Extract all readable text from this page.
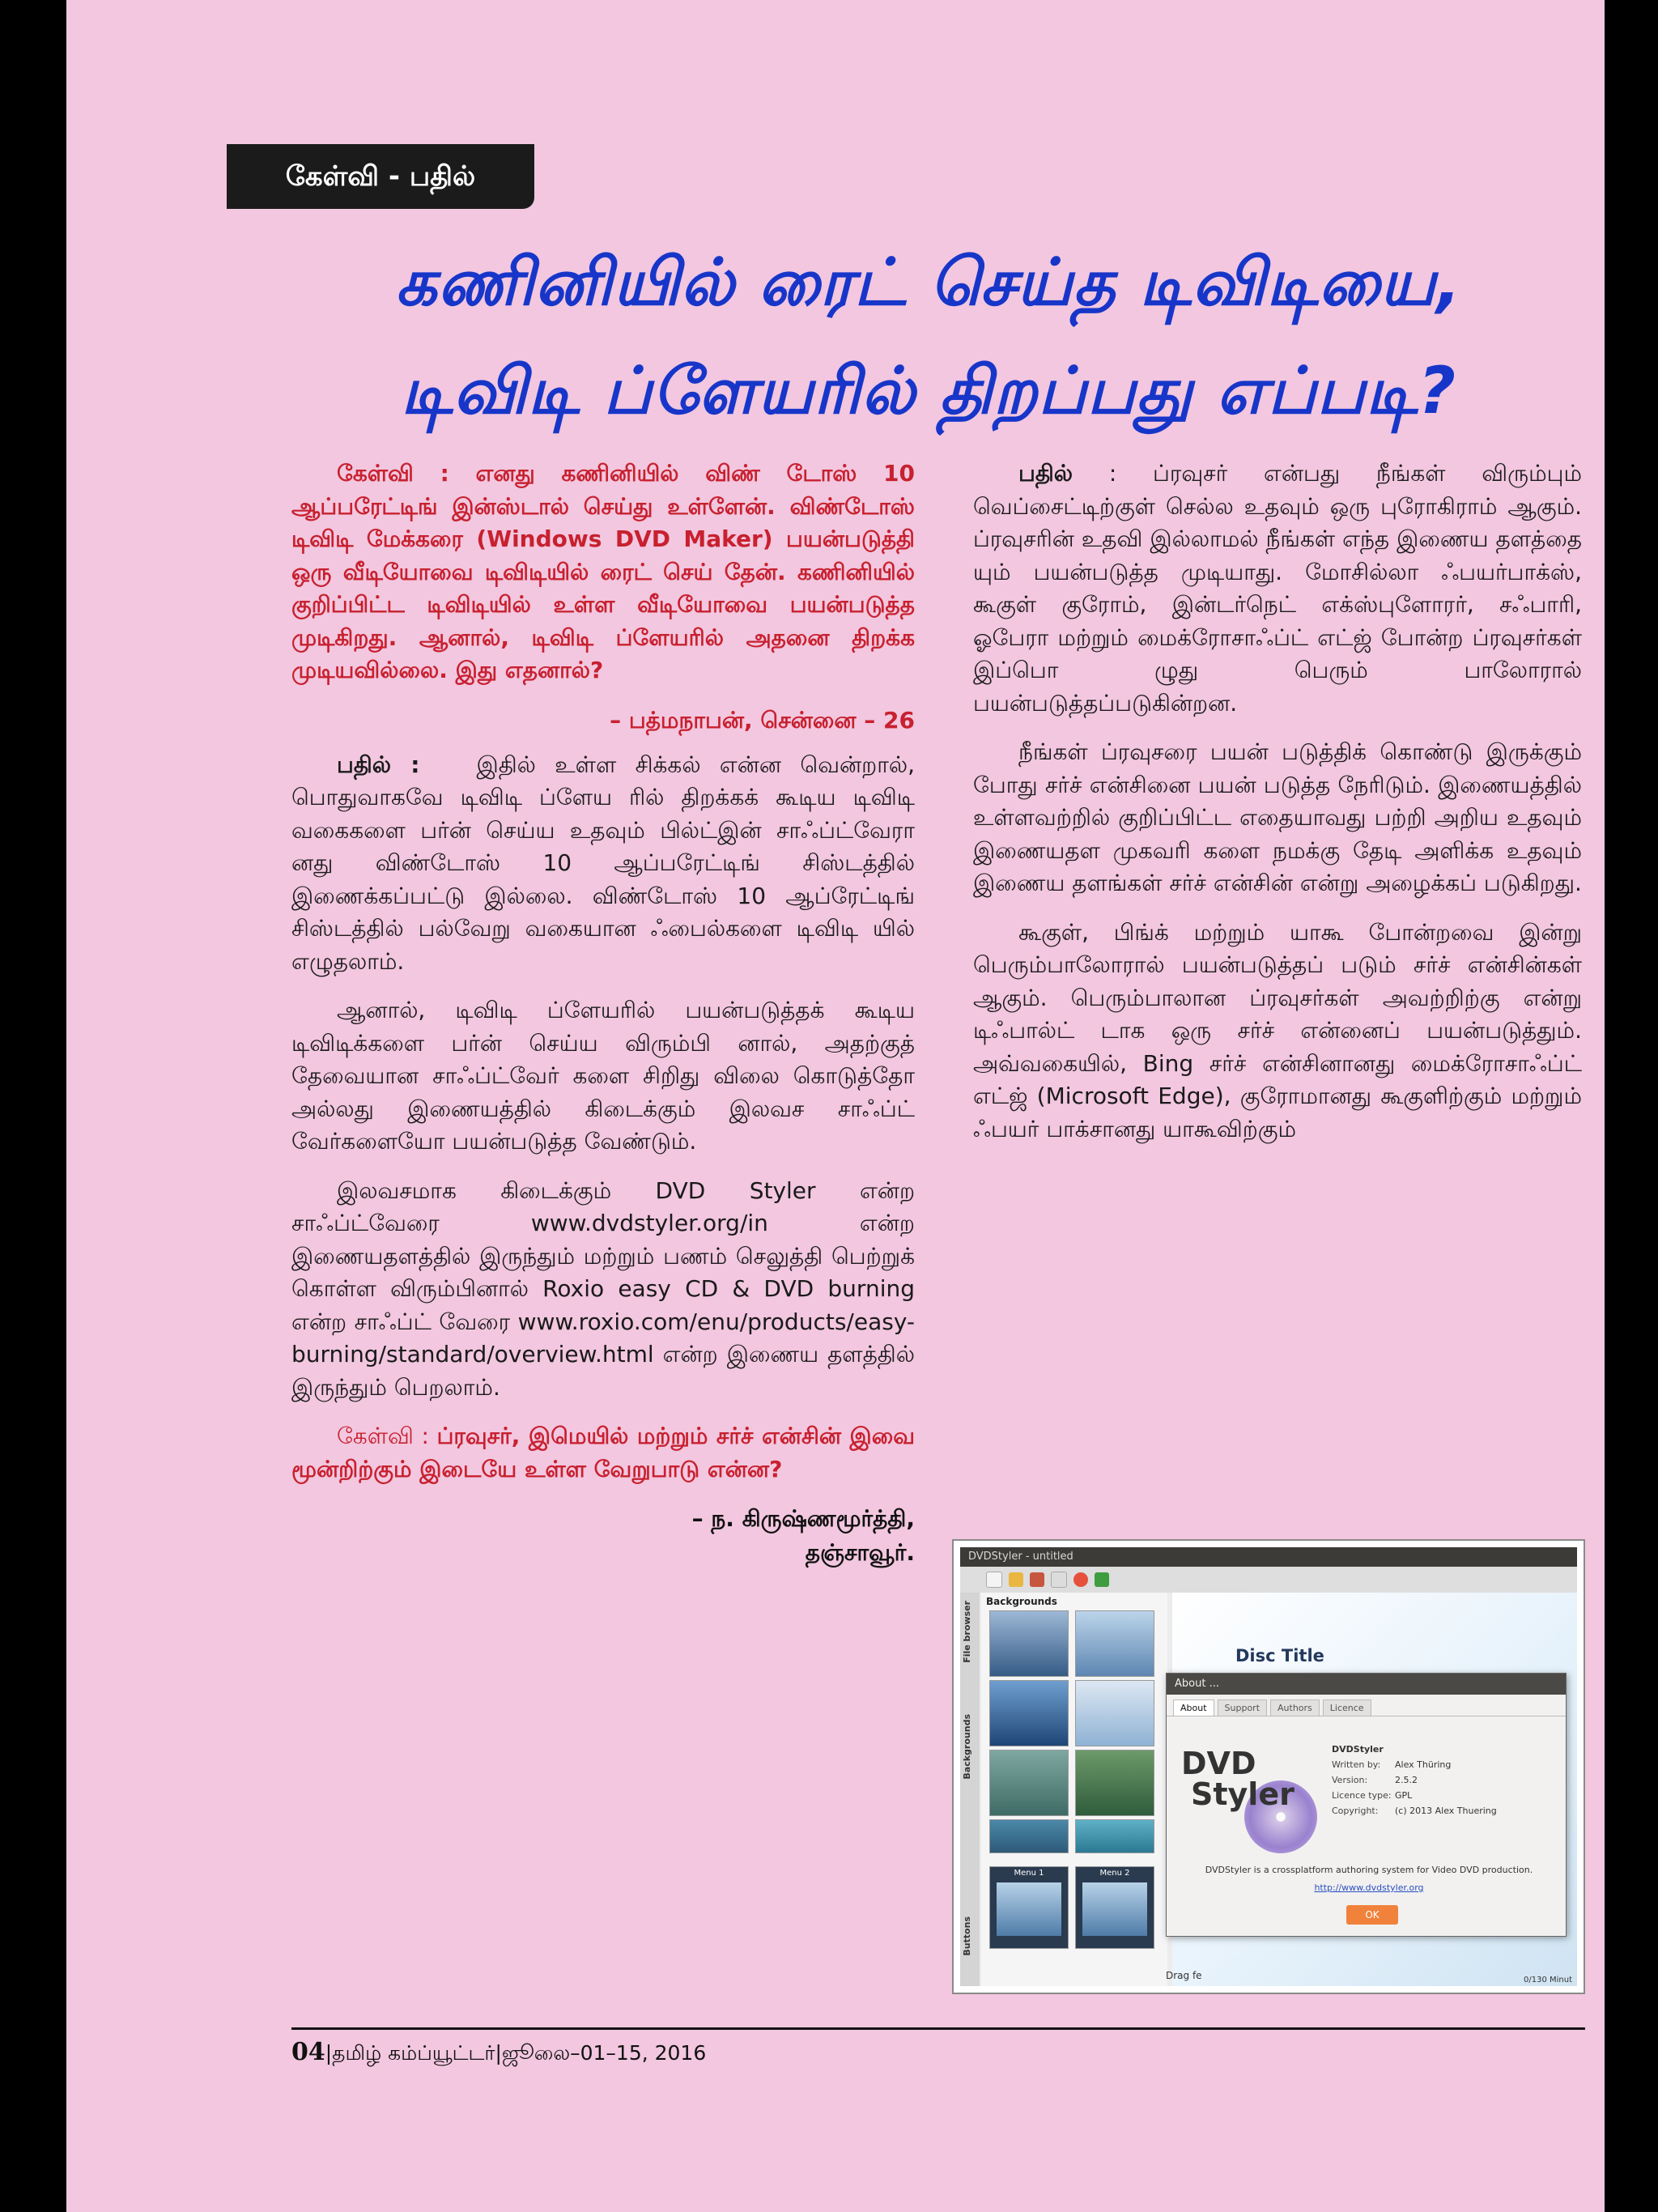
கேள்வி - பதில்
கணினியில் ரைட் செய்த டிவிடியை,
டிவிடி ப்ளேயரில் திறப்பது எப்படி?

கேள்வி : எனது கணினியில் விண் டோஸ் 10 ஆப்பரேட்டிங் இன்ஸ்டால் செய்து உள்ளேன். விண்டோஸ் டிவிடி மேக்கரை (Windows DVD Maker) பயன்படுத்தி ஒரு வீடியோவை டிவிடியில் ரைட் செய் தேன். கணினியில் குறிப்பிட்ட டிவிடியில் உள்ள வீடியோவை பயன்படுத்த முடிகிறது. ஆனால், டிவிடி ப்ளேயரில் அதனை திறக்க முடியவில்லை. இது எதனால்?

– பத்மநாபன், சென்னை – 26

பதில் :	இதில் உள்ள சிக்கல் என்ன வென்றால், பொதுவாகவே டிவிடி ப்ளேய ரில் திறக்கக் கூடிய டிவிடி வகைகளை பர்ன் செய்ய உதவும் பில்ட்இன் சாஃப்ட்வேரா னது விண்டோஸ் 10 ஆப்பரேட்டிங் சிஸ்டத்தில் இணைக்கப்பட்டு இல்லை. விண்டோஸ் 10 ஆப்ரேட்டிங் சிஸ்டத்தில் பல்வேறு வகையான ஃபைல்களை டிவிடி யில் எழுதலாம்.

ஆனால், டிவிடி ப்ளேயரில் பயன்படுத்தக் கூடிய டிவிடிக்களை பர்ன் செய்ய விரும்பி னால், அதற்குத் தேவையான சாஃப்ட்வேர் களை சிறிது விலை கொடுத்தோ அல்லது இணையத்தில் கிடைக்கும் இலவச சாஃப்ட் வேர்களையோ பயன்படுத்த வேண்டும்.

இலவசமாக கிடைக்கும் DVD Styler என்ற சாஃப்ட்வேரை www.dvdstyler.org/in என்ற இணையதளத்தில் இருந்தும் மற்றும் பணம் செலுத்தி பெற்றுக் கொள்ள விரும்பினால் Roxio easy CD & DVD burning என்ற சாஃப்ட் வேரை www.roxio.com/enu/products/easy-burning/standard/overview.html என்ற இணைய தளத்தில் இருந்தும் பெறலாம்.

கேள்வி : ப்ரவுசர், இமெயில் மற்றும் சர்ச் என்சின் இவை மூன்றிற்கும் இடையே உள்ள வேறுபாடு என்ன?

– ந. கிருஷ்ணமூர்த்தி,
தஞ்சாவூர்.

பதில் : ப்ரவுசர் என்பது நீங்கள் விரும்பும் வெப்சைட்டிற்குள் செல்ல உதவும் ஒரு புரோகிராம் ஆகும். ப்ரவுசரின் உதவி இல்லாமல் நீங்கள் எந்த இணைய தளத்தை யும் பயன்படுத்த முடியாது. மோசில்லா ஃபயர்பாக்ஸ், கூகுள் குரோம், இன்டர்நெட் எக்ஸ்புளோரர், சஃபாரி, ஓபேரா மற்றும் மைக்ரோசாஃப்ட் எட்ஜ் போன்ற ப்ரவுசர்கள் இப்பொ ழுது பெரும் பாலோரால் பயன்படுத்தப்படுகின்றன.

நீங்கள் ப்ரவுசரை பயன் படுத்திக் கொண்டு இருக்கும் போது சர்ச் என்சினை பயன் படுத்த நேரிடும். இணையத்தில் உள்ளவற்றில் குறிப்பிட்ட எதையாவது பற்றி அறிய உதவும் இணையதள முகவரி களை நமக்கு தேடி அளிக்க உதவும் இணைய தளங்கள் சர்ச் என்சின் என்று அழைக்கப் படுகிறது.

கூகுள், பிங்க் மற்றும் யாகூ போன்றவை இன்று பெரும்பாலோரால் பயன்படுத்தப் படும் சர்ச் என்சின்கள் ஆகும். பெரும்பாலான ப்ரவுசர்கள் அவற்றிற்கு என்று டிஃபால்ட் டாக ஒரு சர்ச் என்னைப் பயன்படுத்தும். அவ்வகையில், Bing சர்ச் என்சினானது மைக்ரோசாஃப்ட் எட்ஜ் (Microsoft Edge), குரோமானது கூகுளிற்கும் மற்றும் ஃபயர் பாக்சானது யாகூவிற்கும்

DVDStyler - untitled
File browser
Backgrounds
Buttons
Backgrounds
Menu 1	Menu 2
Disc Title
Drag fe	0/130 Minut
About ...
About	Support	Authors	Licence
DVD
Styler
DVDStyler
Written by: Alex Thüring
Version:	2.5.2
Licence type: GPL
Copyright: (c) 2013 Alex Thuering
DVDStyler is a crossplatform authoring system for Video DVD production.
http://www.dvdstyler.org
OK
04|தமிழ் கம்ப்யூட்டர்|ஜூலை–01–15, 2016
